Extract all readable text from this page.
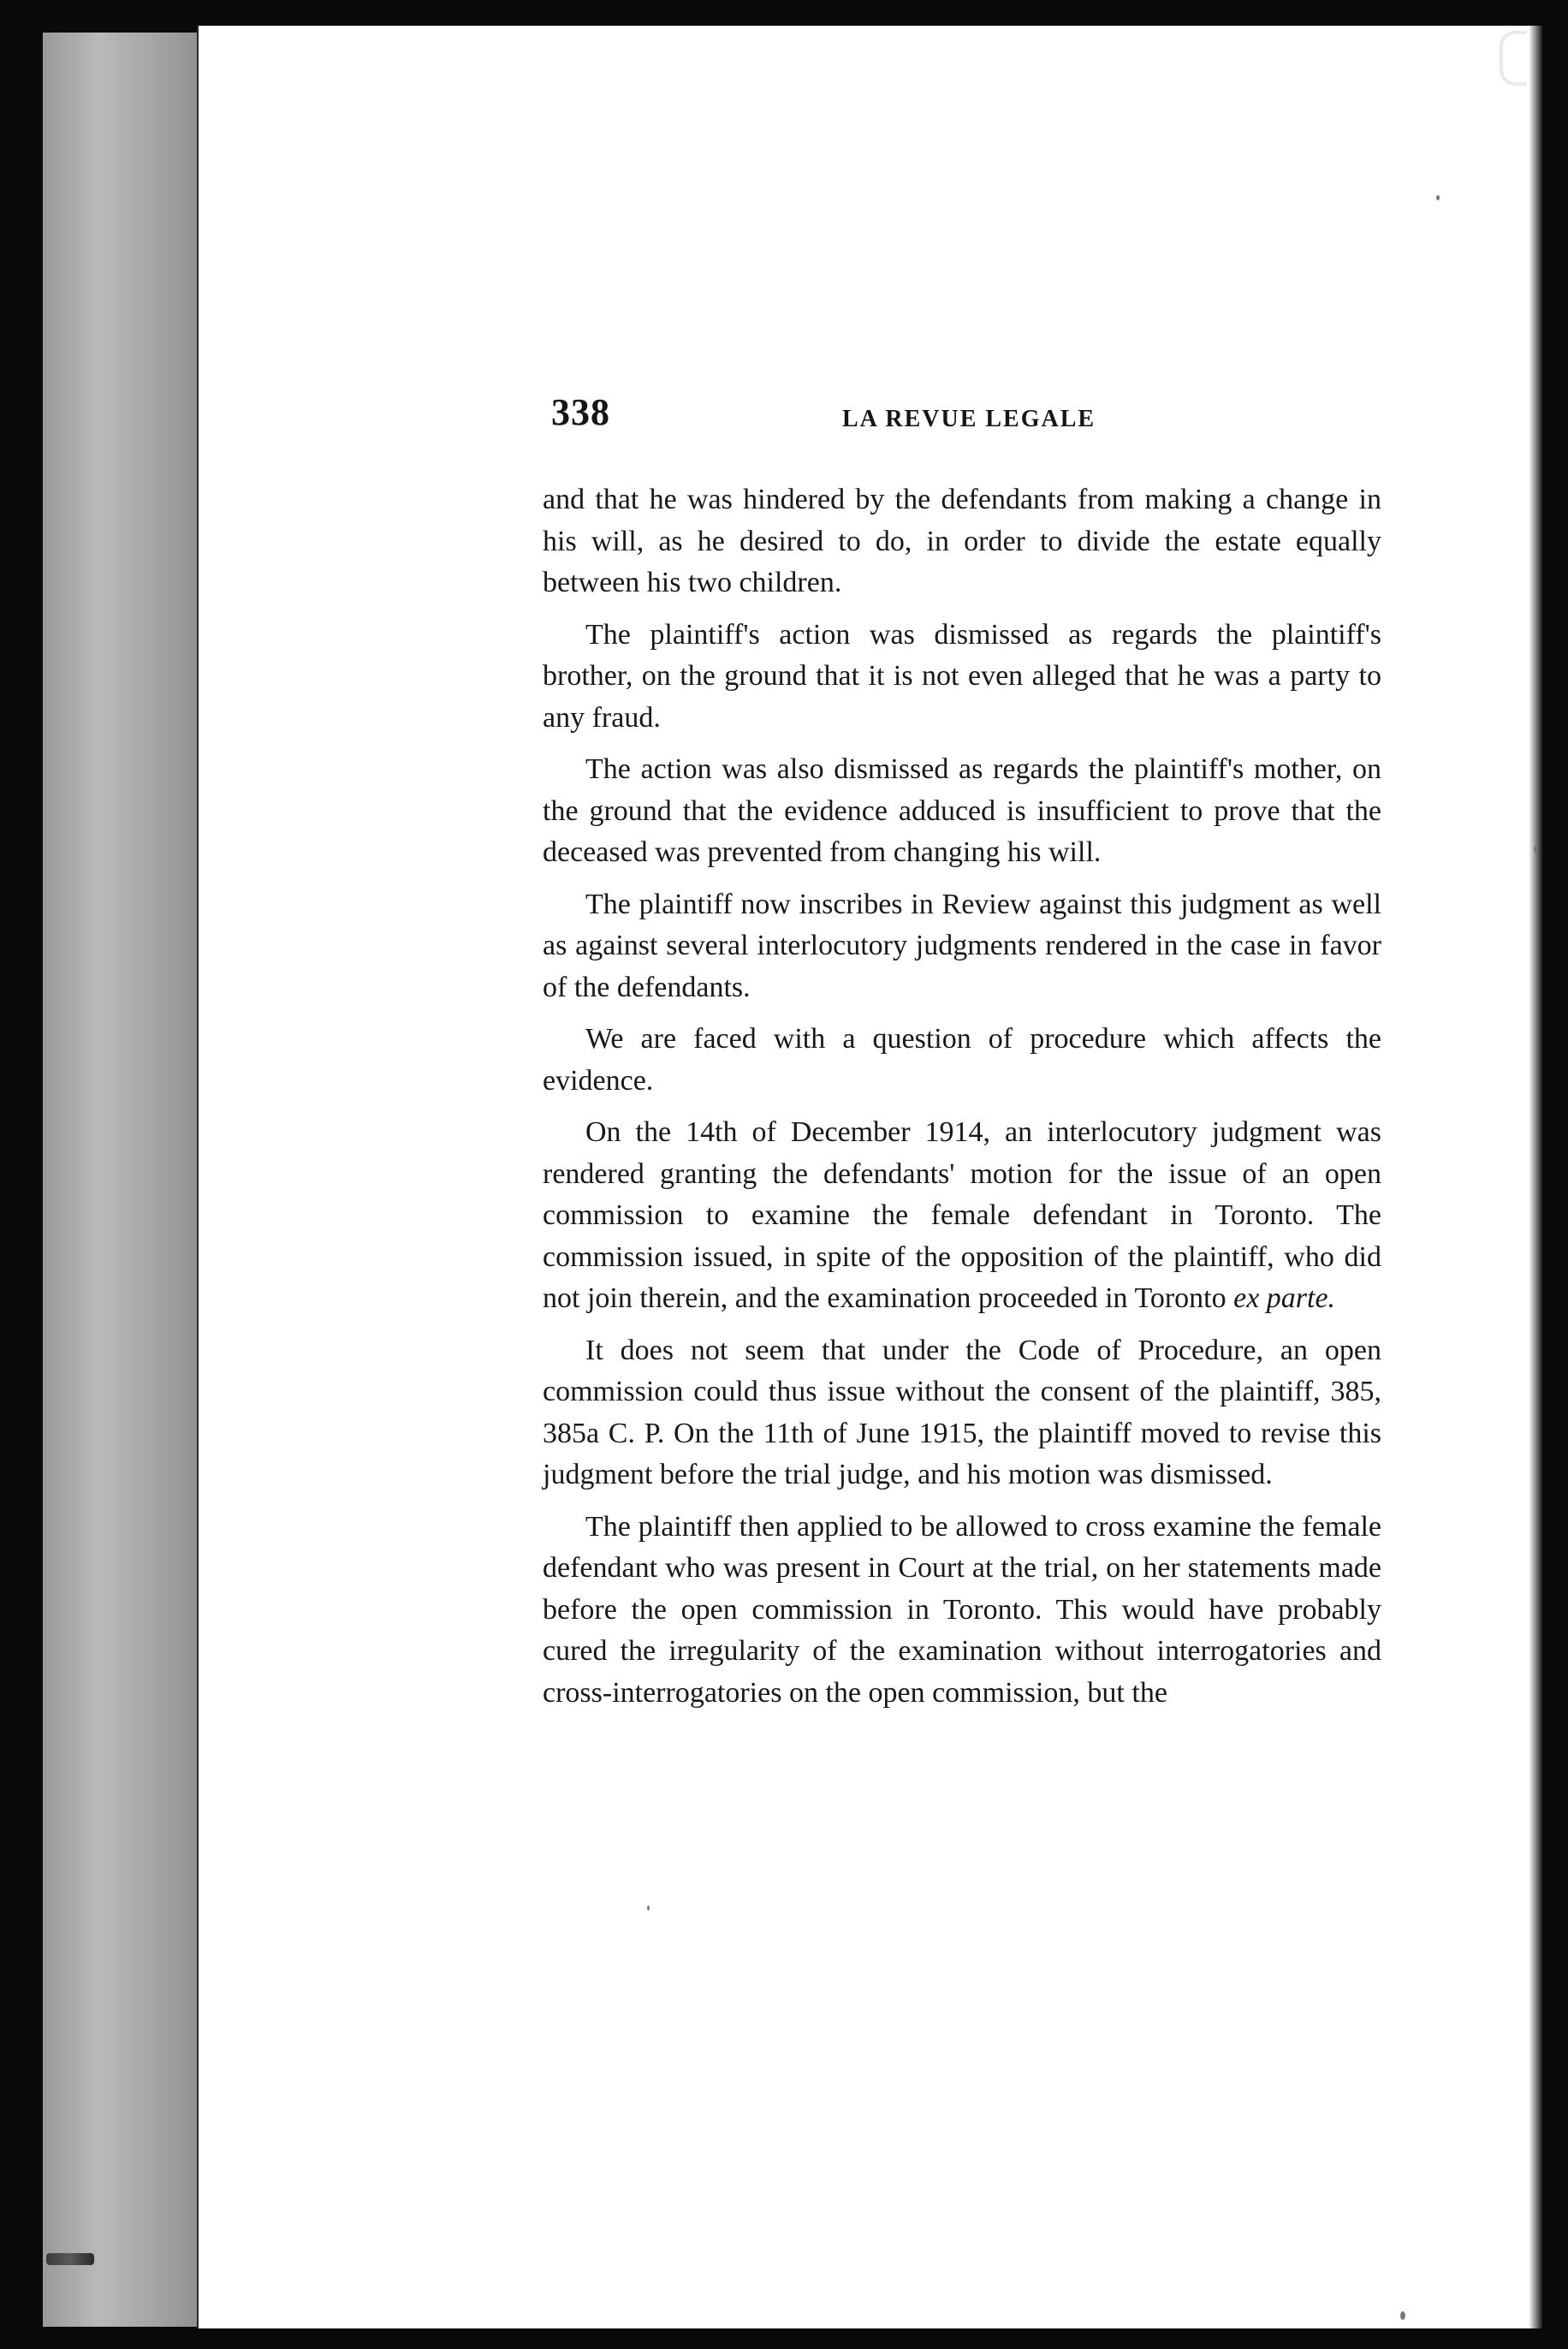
338	LA REVUE LEGALE

and that he was hindered by the defendants from making a change in his will, as he desired to do, in order to divide the estate equally between his two children.

The plaintiff's action was dismissed as regards the plaintiff's brother, on the ground that it is not even alleged that he was a party to any fraud.

The action was also dismissed as regards the plaintiff's mother, on the ground that the evidence adduced is insufficient to prove that the deceased was prevented from changing his will.

The plaintiff now inscribes in Review against this judgment as well as against several interlocutory judgments rendered in the case in favor of the defendants.

We are faced with a question of procedure which affects the evidence.

On the 14th of December 1914, an interlocutory judgment was rendered granting the defendants' motion for the issue of an open commission to examine the female defendant in Toronto. The commission issued, in spite of the opposition of the plaintiff, who did not join therein, and the examination proceeded in Toronto ex parte.

It does not seem that under the Code of Procedure, an open commission could thus issue without the consent of the plaintiff, 385, 385a C. P. On the 11th of June 1915, the plaintiff moved to revise this judgment before the trial judge, and his motion was dismissed.

The plaintiff then applied to be allowed to cross examine the female defendant who was present in Court at the trial, on her statements made before the open commission in Toronto. This would have probably cured the irregularity of the examination without interrogatories and cross-interrogatories on the open commission, but the
